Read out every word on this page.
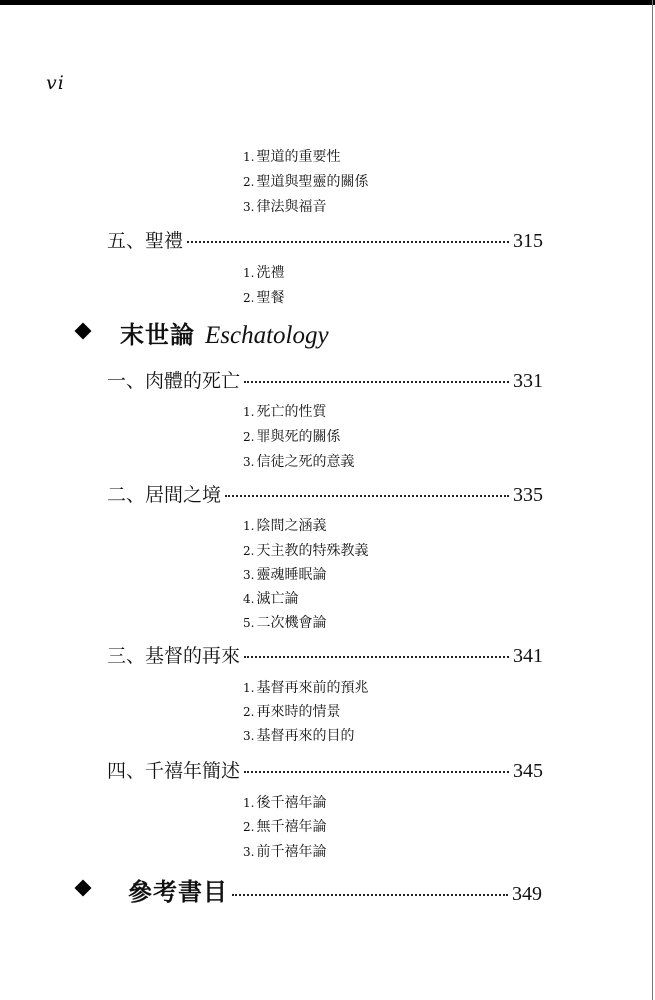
vi
1. 聖道的重要性
2. 聖道與聖靈的關係
3. 律法與福音
五、聖禮	315
1. 洗禮
2. 聖餐
末世論 Eschatology
一、肉體的死亡	331
1. 死亡的性質
2. 罪與死的關係
3. 信徒之死的意義
二、居間之境	335
1. 陰間之涵義
2. 天主教的特殊教義
3. 靈魂睡眠論
4. 滅亡論
5. 二次機會論
三、基督的再來	341
1. 基督再來前的預兆
2. 再來時的情景
3. 基督再來的目的
四、千禧年簡述	345
1. 後千禧年論
2. 無千禧年論
3. 前千禧年論
參考書目	349
